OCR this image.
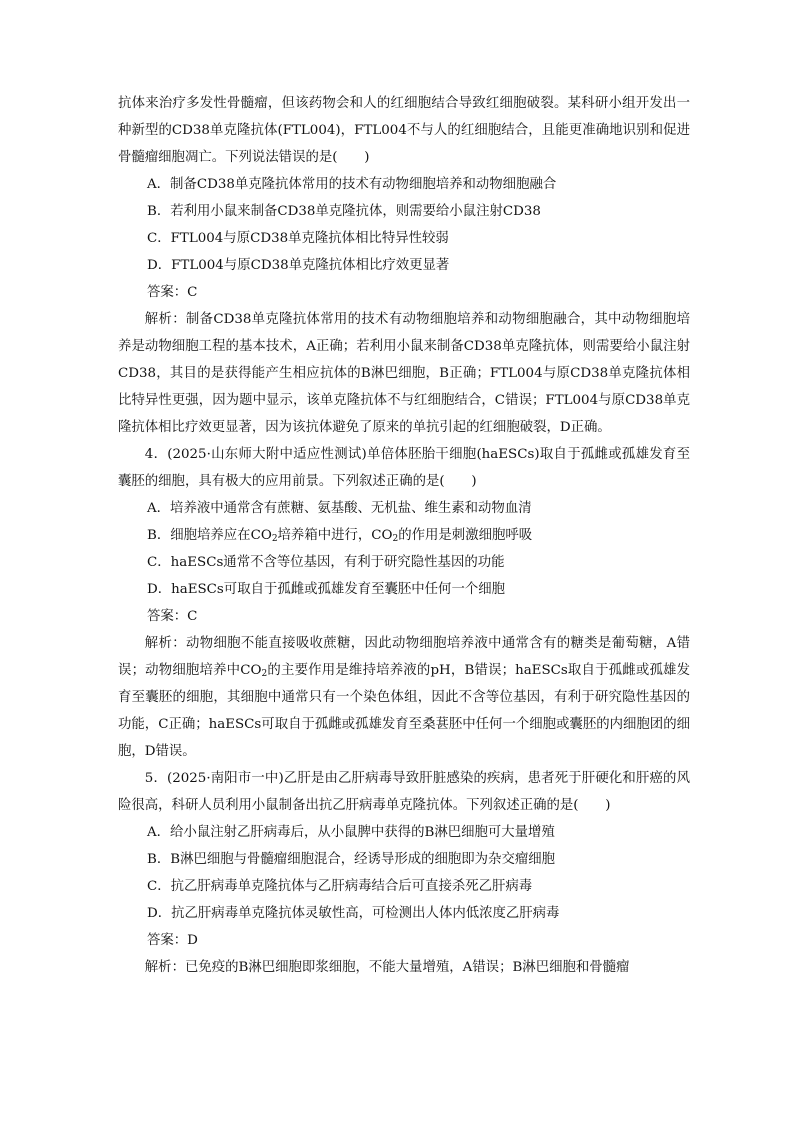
抗体来治疗多发性骨髓瘤，但该药物会和人的红细胞结合导致红细胞破裂。某科研小组开发出一种新型的CD38单克隆抗体(FTL004)，FTL004不与人的红细胞结合，且能更准确地识别和促进骨髓瘤细胞凋亡。下列说法错误的是(　　)

A．制备CD38单克隆抗体常用的技术有动物细胞培养和动物细胞融合

B．若利用小鼠来制备CD38单克隆抗体，则需要给小鼠注射CD38

C．FTL004与原CD38单克隆抗体相比特异性较弱

D．FTL004与原CD38单克隆抗体相比疗效更显著

答案：C

解析：制备CD38单克隆抗体常用的技术有动物细胞培养和动物细胞融合，其中动物细胞培养是动物细胞工程的基本技术，A正确；若利用小鼠来制备CD38单克隆抗体，则需要给小鼠注射CD38，其目的是获得能产生相应抗体的B淋巴细胞，B正确；FTL004与原CD38单克隆抗体相比特异性更强，因为题中显示，该单克隆抗体不与红细胞结合，C错误；FTL004与原CD38单克隆抗体相比疗效更显著，因为该抗体避免了原来的单抗引起的红细胞破裂，D正确。

4．(2025·山东师大附中适应性测试)单倍体胚胎干细胞(haESCs)取自于孤雌或孤雄发育至囊胚的细胞，具有极大的应用前景。下列叙述正确的是(　　)

A．培养液中通常含有蔗糖、氨基酸、无机盐、维生素和动物血清

B．细胞培养应在$CO_2$培养箱中进行，$CO_2$的作用是刺激细胞呼吸

C．haESCs通常不含等位基因，有利于研究隐性基因的功能

D．haESCs可取自于孤雌或孤雄发育至囊胚中任何一个细胞

答案：C

解析：动物细胞不能直接吸收蔗糖，因此动物细胞培养液中通常含有的糖类是葡萄糖，A错误；动物细胞培养中$CO_2$的主要作用是维持培养液的pH，B错误；haESCs取自于孤雌或孤雄发育至囊胚的细胞，其细胞中通常只有一个染色体组，因此不含等位基因，有利于研究隐性基因的功能，C正确；haESCs可取自于孤雌或孤雄发育至桑葚胚中任何一个细胞或囊胚的内细胞团的细胞，D错误。

5．(2025·南阳市一中)乙肝是由乙肝病毒导致肝脏感染的疾病，患者死于肝硬化和肝癌的风险很高，科研人员利用小鼠制备出抗乙肝病毒单克隆抗体。下列叙述正确的是(　　)

A．给小鼠注射乙肝病毒后，从小鼠脾中获得的B淋巴细胞可大量增殖

B．B淋巴细胞与骨髓瘤细胞混合，经诱导形成的细胞即为杂交瘤细胞

C．抗乙肝病毒单克隆抗体与乙肝病毒结合后可直接杀死乙肝病毒

D．抗乙肝病毒单克隆抗体灵敏性高，可检测出人体内低浓度乙肝病毒

答案：D

解析：已免疫的B淋巴细胞即浆细胞，不能大量增殖，A错误；B淋巴细胞和骨髓瘤
